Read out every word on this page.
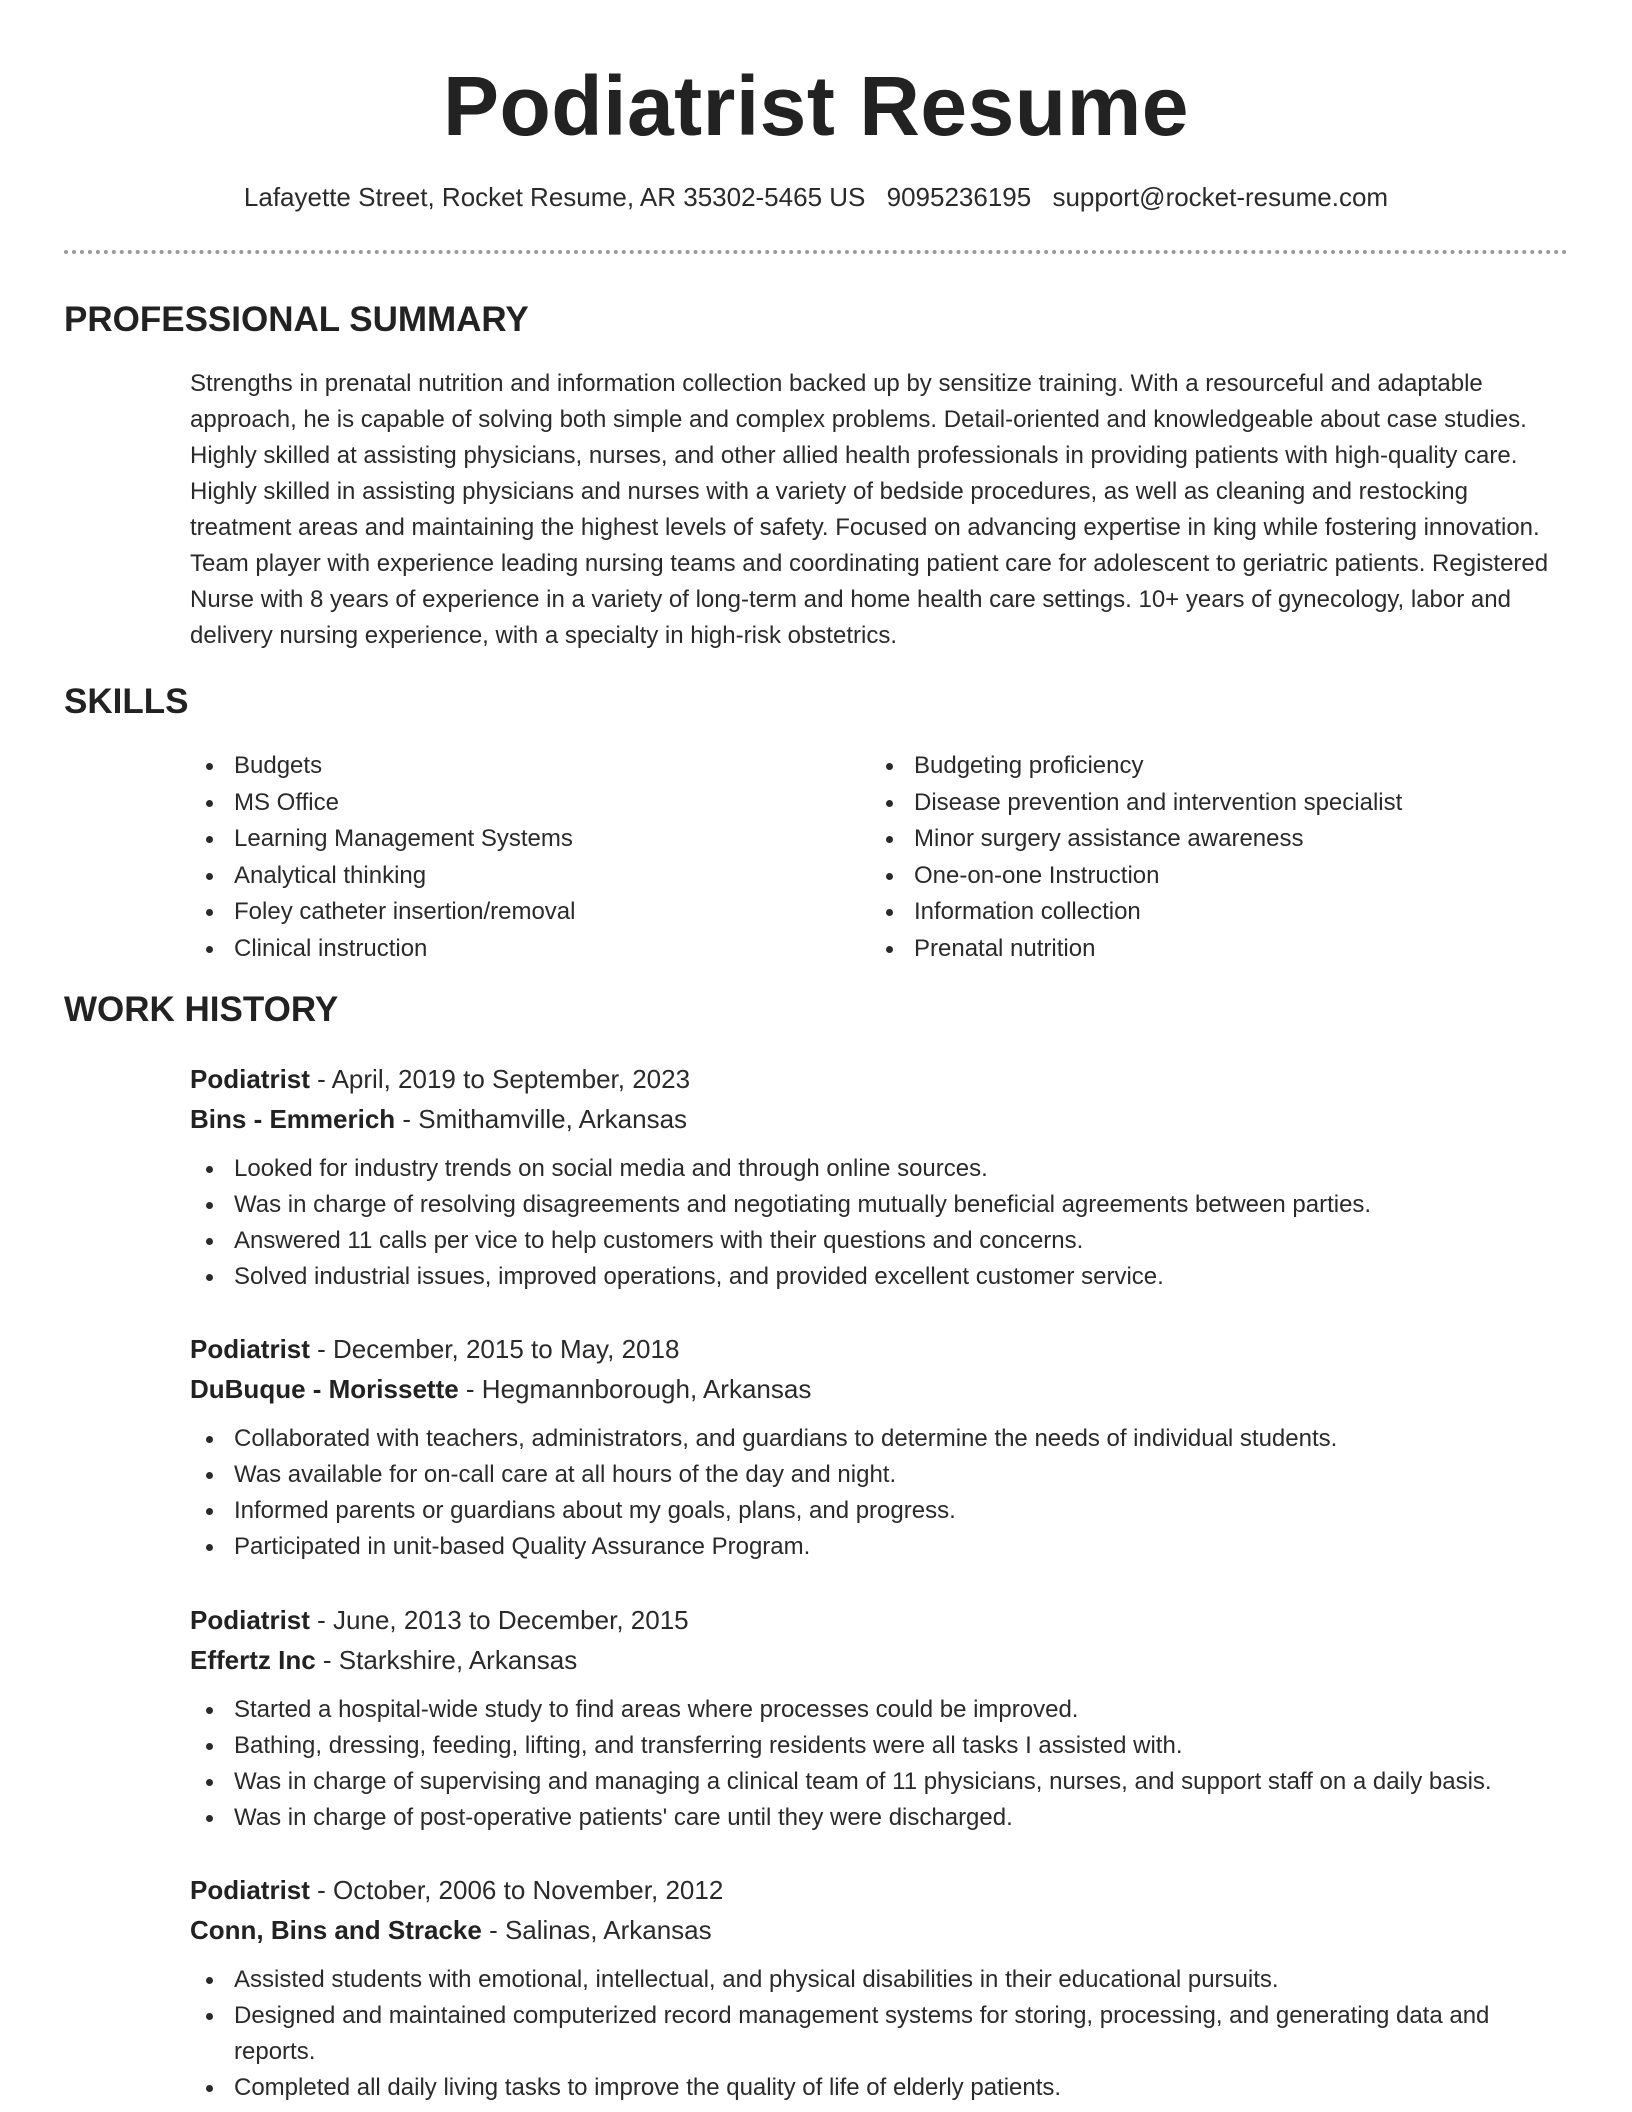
Podiatrist Resume
Lafayette Street, Rocket Resume, AR 35302-5465 US 9095236195 support@rocket-resume.com
PROFESSIONAL SUMMARY

Strengths in prenatal nutrition and information collection backed up by sensitize training. With a resourceful and adaptable approach, he is capable of solving both simple and complex problems. Detail-oriented and knowledgeable about case studies. Highly skilled at assisting physicians, nurses, and other allied health professionals in providing patients with high-quality care. Highly skilled in assisting physicians and nurses with a variety of bedside procedures, as well as cleaning and restocking treatment areas and maintaining the highest levels of safety. Focused on advancing expertise in king while fostering innovation. Team player with experience leading nursing teams and coordinating patient care for adolescent to geriatric patients. Registered Nurse with 8 years of experience in a variety of long-term and home health care settings. 10+ years of gynecology, labor and delivery nursing experience, with a specialty in high-risk obstetrics.

SKILLS
Budgets
MS Office
Learning Management Systems
Analytical thinking
Foley catheter insertion/removal
Clinical instruction
Budgeting proficiency
Disease prevention and intervention specialist
Minor surgery assistance awareness
One-on-one Instruction
Information collection
Prenatal nutrition
WORK HISTORY
Podiatrist - April, 2019 to September, 2023
Bins - Emmerich - Smithamville, Arkansas
Looked for industry trends on social media and through online sources.
Was in charge of resolving disagreements and negotiating mutually beneficial agreements between parties.
Answered 11 calls per vice to help customers with their questions and concerns.
Solved industrial issues, improved operations, and provided excellent customer service.
Podiatrist - December, 2015 to May, 2018
DuBuque - Morissette - Hegmannborough, Arkansas
Collaborated with teachers, administrators, and guardians to determine the needs of individual students.
Was available for on-call care at all hours of the day and night.
Informed parents or guardians about my goals, plans, and progress.
Participated in unit-based Quality Assurance Program.
Podiatrist - June, 2013 to December, 2015
Effertz Inc - Starkshire, Arkansas
Started a hospital-wide study to find areas where processes could be improved.
Bathing, dressing, feeding, lifting, and transferring residents were all tasks I assisted with.
Was in charge of supervising and managing a clinical team of 11 physicians, nurses, and support staff on a daily basis.
Was in charge of post-operative patients' care until they were discharged.
Podiatrist - October, 2006 to November, 2012
Conn, Bins and Stracke - Salinas, Arkansas
Assisted students with emotional, intellectual, and physical disabilities in their educational pursuits.
Designed and maintained computerized record management systems for storing, processing, and generating data and reports.
Completed all daily living tasks to improve the quality of life of elderly patients.
